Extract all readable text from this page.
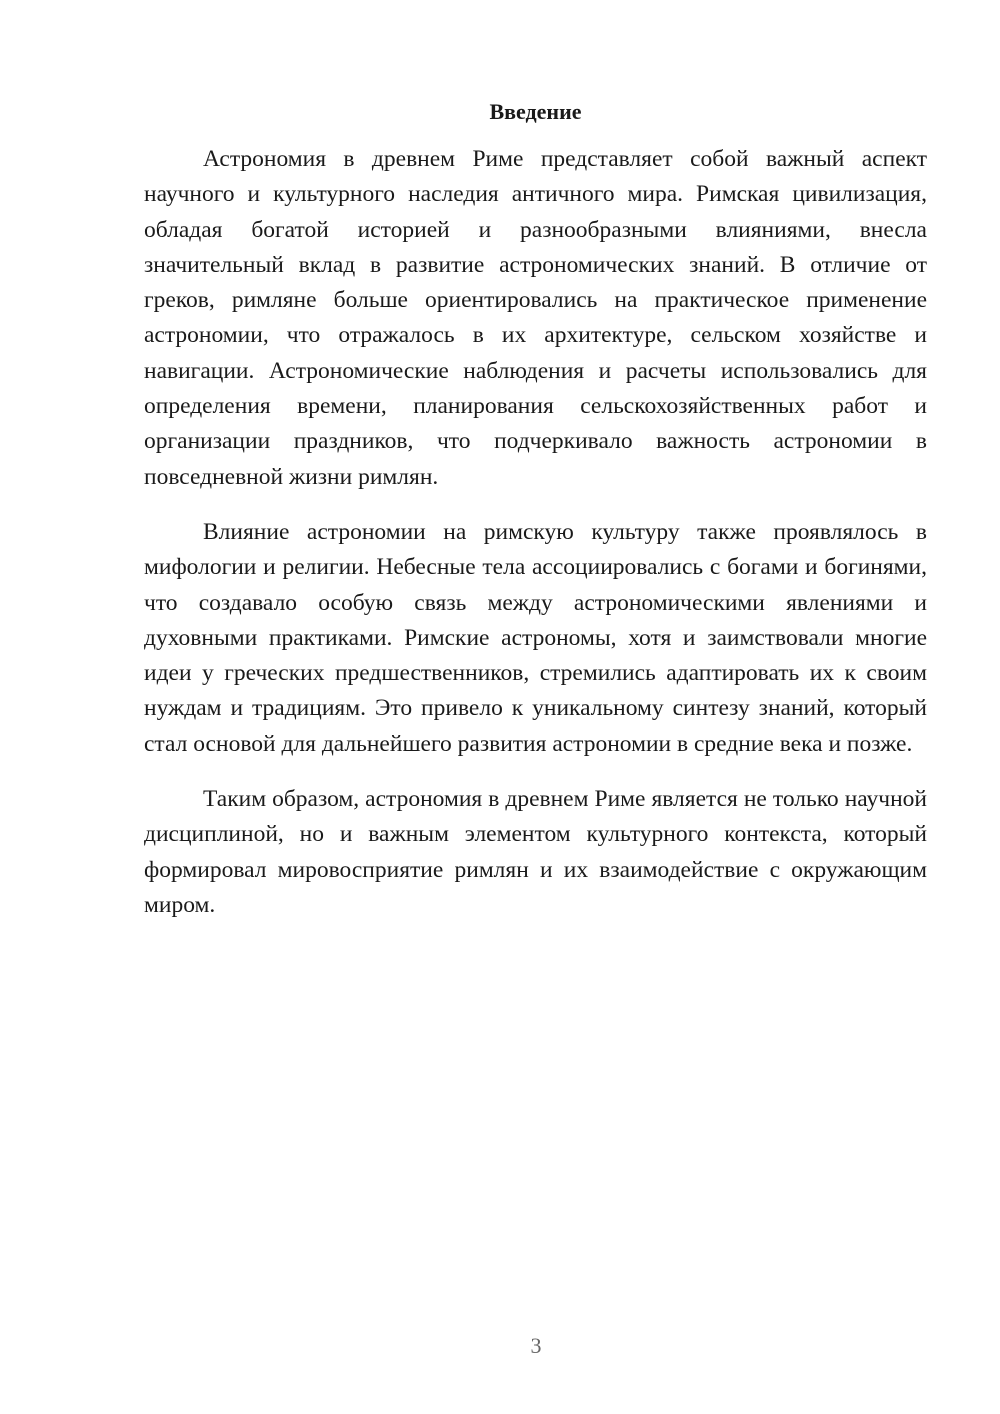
Введение

Астрономия в древнем Риме представляет собой важный аспект научного и культурного наследия античного мира. Римская цивилизация, обладая богатой историей и разнообразными влияниями, внесла значительный вклад в развитие астрономических знаний. В отличие от греков, римляне больше ориентировались на практическое применение астрономии, что отражалось в их архитектуре, сельском хозяйстве и навигации. Астрономические наблюдения и расчеты использовались для определения времени, планирования сельскохозяйственных работ и организации праздников, что подчеркивало важность астрономии в повседневной жизни римлян.

Влияние астрономии на римскую культуру также проявлялось в мифологии и религии. Небесные тела ассоциировались с богами и богинями, что создавало особую связь между астрономическими явлениями и духовными практиками. Римские астрономы, хотя и заимствовали многие идеи у греческих предшественников, стремились адаптировать их к своим нуждам и традициям. Это привело к уникальному синтезу знаний, который стал основой для дальнейшего развития астрономии в средние века и позже.

Таким образом, астрономия в древнем Риме является не только научной дисциплиной, но и важным элементом культурного контекста, который формировал мировосприятие римлян и их взаимодействие с окружающим миром.

3
